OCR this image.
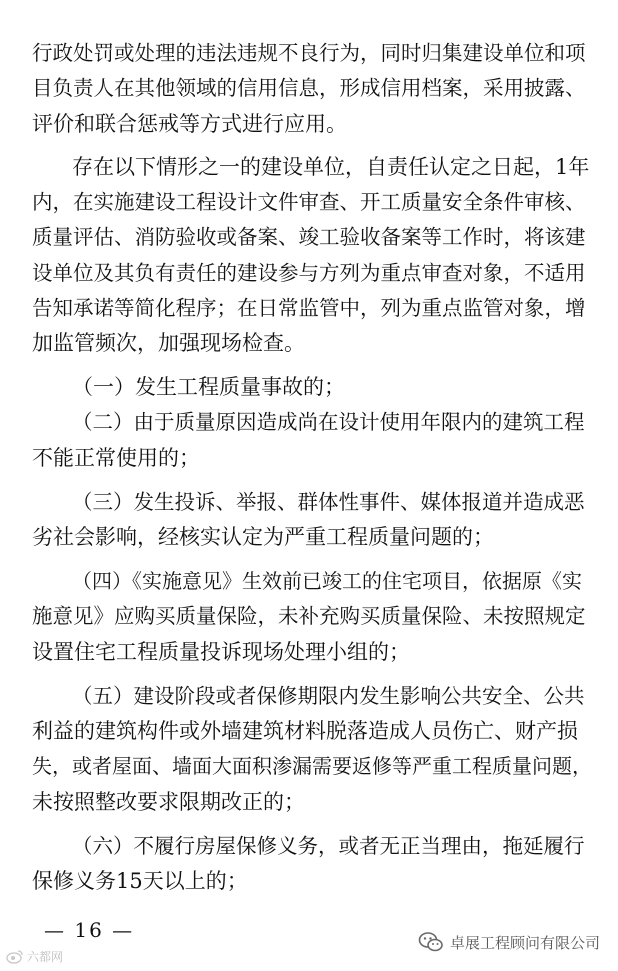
行政处罚或处理的违法违规不良行为，同时归集建设单位和项
目负责人在其他领域的信用信息，形成信用档案，采用披露、
评价和联合惩戒等方式进行应用。
存在以下情形之一的建设单位，自责任认定之日起，1年
内，在实施建设工程设计文件审查、开工质量安全条件审核、
质量评估、消防验收或备案、竣工验收备案等工作时，将该建
设单位及其负有责任的建设参与方列为重点审查对象，不适用
告知承诺等简化程序；在日常监管中，列为重点监管对象，增
加监管频次，加强现场检查。
（一）发生工程质量事故的；
（二）由于质量原因造成尚在设计使用年限内的建筑工程
不能正常使用的；
（三）发生投诉、举报、群体性事件、媒体报道并造成恶
劣社会影响，经核实认定为严重工程质量问题的；
（四）《实施意见》生效前已竣工的住宅项目，依据原《实
施意见》应购买质量保险，未补充购买质量保险、未按照规定
设置住宅工程质量投诉现场处理小组的；
（五）建设阶段或者保修期限内发生影响公共安全、公共
利益的建筑构件或外墙建筑材料脱落造成人员伤亡、财产损
失，或者屋面、墙面大面积渗漏需要返修等严重工程质量问题，
未按照整改要求限期改正的；
（六）不履行房屋保修义务，或者无正当理由，拖延履行
保修义务15天以上的；
— 16 —
六都网
卓展工程顾问有限公司
